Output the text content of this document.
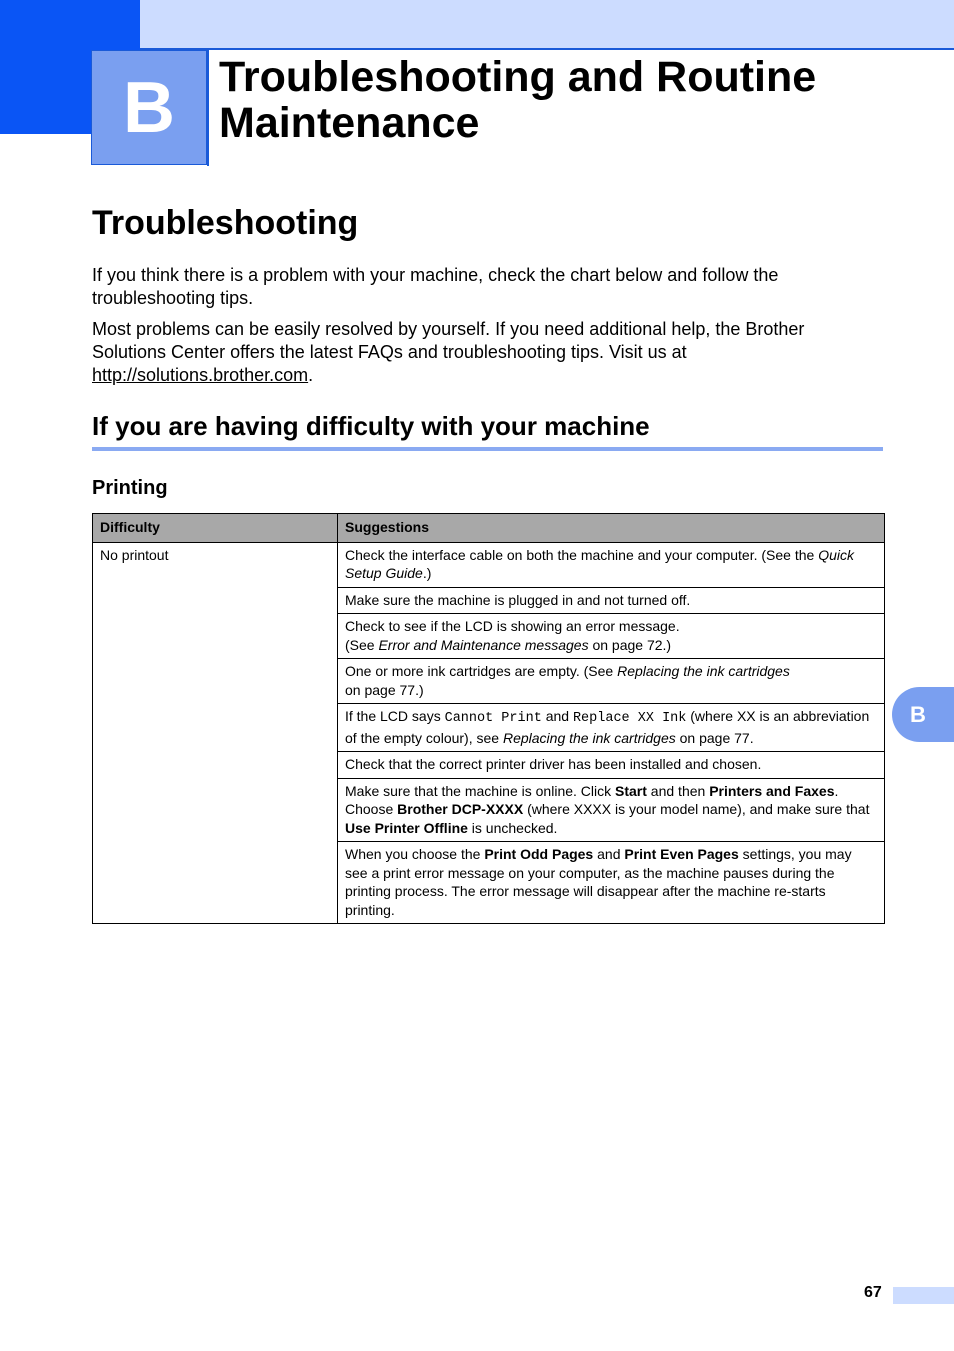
B Troubleshooting and Routine Maintenance
Troubleshooting

If you think there is a problem with your machine, check the chart below and follow the troubleshooting tips.

Most problems can be easily resolved by yourself. If you need additional help, the Brother Solutions Center offers the latest FAQs and troubleshooting tips. Visit us at
http://solutions.brother.com.

If you are having difficulty with your machine
Printing
Difficulty	Suggestions
No printout	Check the interface cable on both the machine and your computer. (See the Quick Setup Guide.)
	Make sure the machine is plugged in and not turned off.
	Check to see if the LCD is showing an error message.
(See Error and Maintenance messages on page 72.)
	One or more ink cartridges are empty. (See Replacing the ink cartridges
on page 77.)
	If the LCD says Cannot Print and Replace XX Ink (where XX is an abbreviation of the empty colour), see Replacing the ink cartridges on page 77.
	Check that the correct printer driver has been installed and chosen.
	Make sure that the machine is online. Click Start and then Printers and Faxes. Choose Brother DCP-XXXX (where XXXX is your model name), and make sure that Use Printer Offline is unchecked.
	When you choose the Print Odd Pages and Print Even Pages settings, you may see a print error message on your computer, as the machine pauses during the printing process. The error message will disappear after the machine re-starts printing.
B
67
